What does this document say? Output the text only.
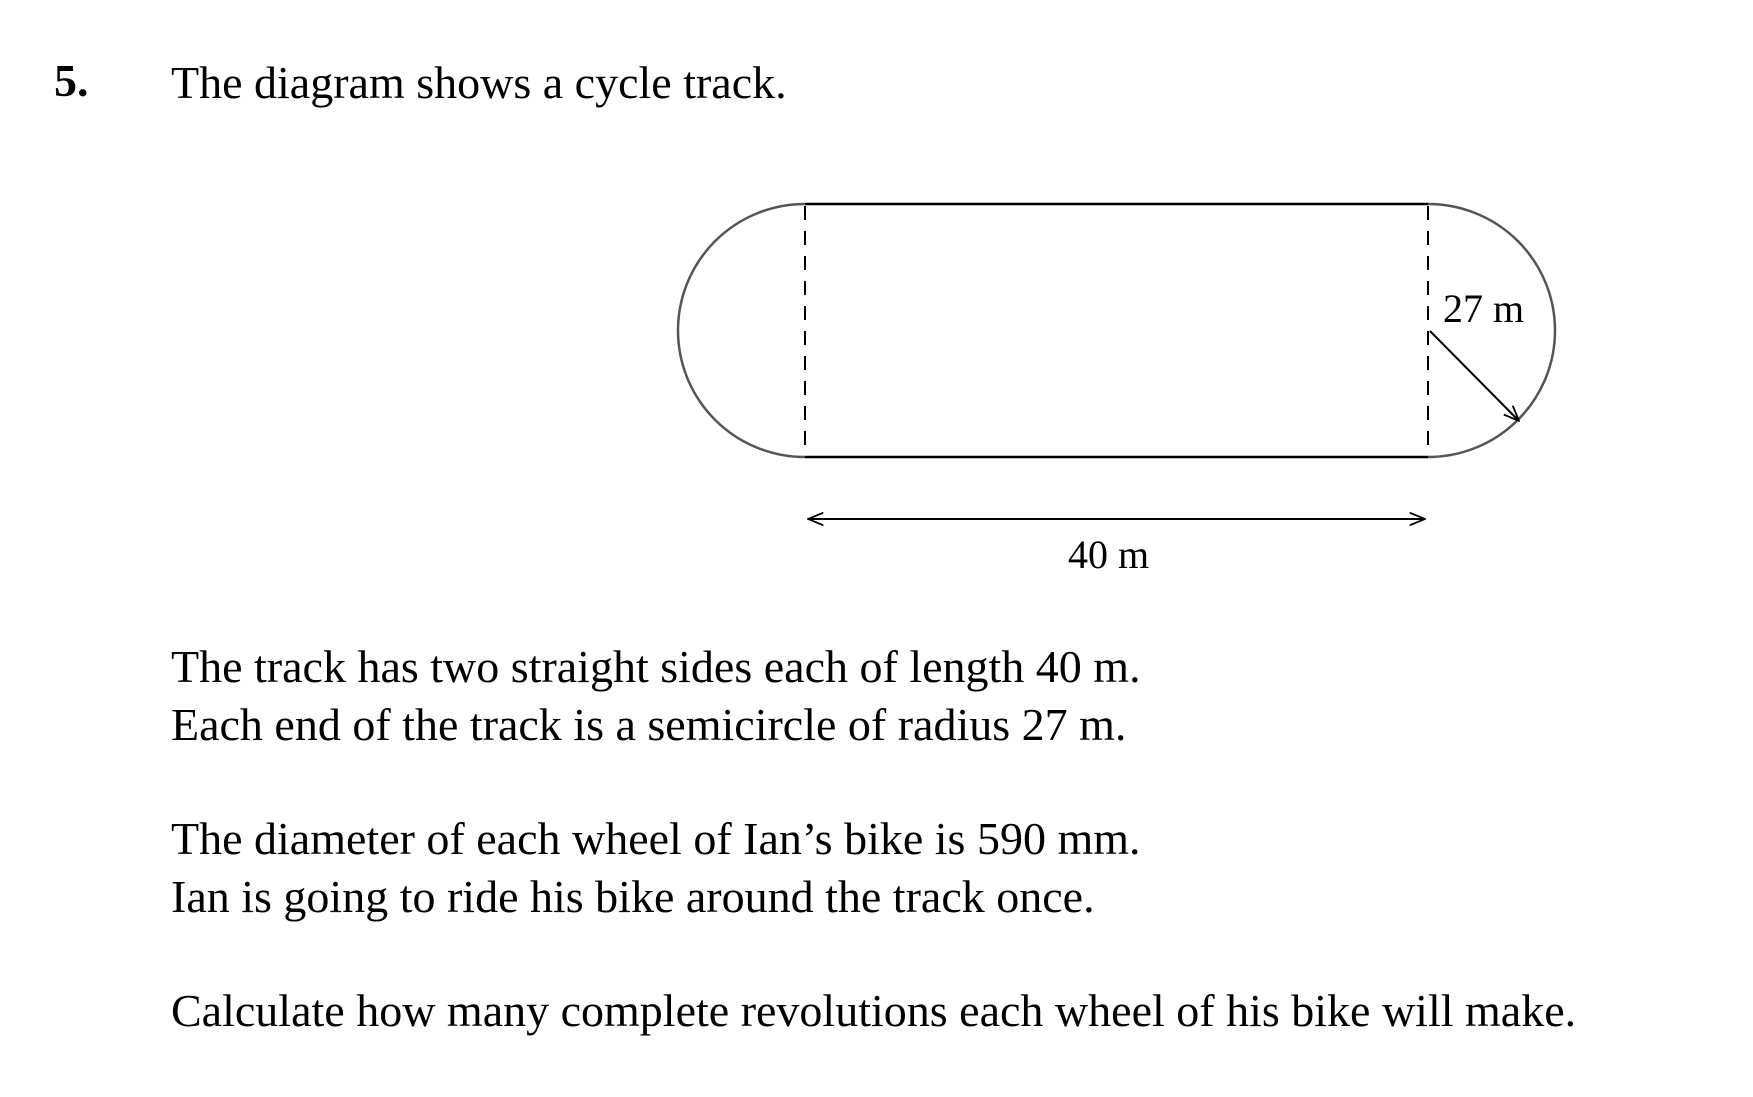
5. The diagram shows a cycle track.
27 m
40 m
The track has two straight sides each of length 40 m.
Each end of the track is a semicircle of radius 27 m.
The diameter of each wheel of Ian’s bike is 590 mm.
Ian is going to ride his bike around the track once.
Calculate how many complete revolutions each wheel of his bike will make.
